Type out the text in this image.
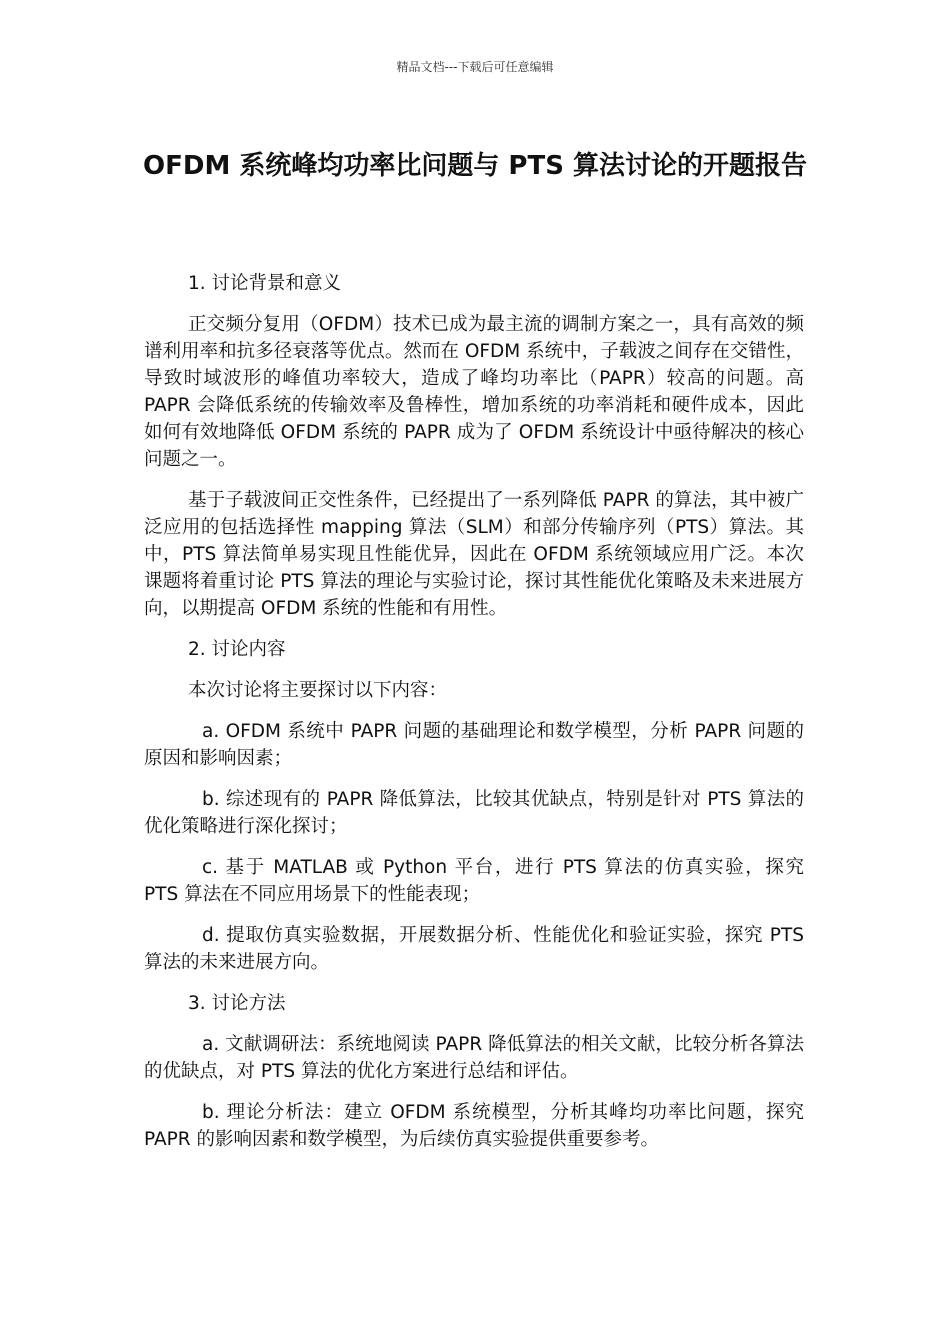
精品文档---下载后可任意编辑
OFDM 系统峰均功率比问题与 PTS 算法讨论的开题报告

1. 讨论背景和意义

正交频分复用（OFDM）技术已成为最主流的调制方案之一，具有高效的频谱利用率和抗多径衰落等优点。然而在 OFDM 系统中，子载波之间存在交错性，导致时域波形的峰值功率较大，造成了峰均功率比（PAPR）较高的问题。高 PAPR 会降低系统的传输效率及鲁棒性，增加系统的功率消耗和硬件成本，因此如何有效地降低 OFDM 系统的 PAPR 成为了 OFDM 系统设计中亟待解决的核心问题之一。

基于子载波间正交性条件，已经提出了一系列降低 PAPR 的算法，其中被广泛应用的包括选择性 mapping 算法（SLM）和部分传输序列（PTS）算法。其中，PTS 算法简单易实现且性能优异，因此在 OFDM 系统领域应用广泛。本次课题将着重讨论 PTS 算法的理论与实验讨论，探讨其性能优化策略及未来进展方向，以期提高 OFDM 系统的性能和有用性。

2. 讨论内容

本次讨论将主要探讨以下内容：

a. OFDM 系统中 PAPR 问题的基础理论和数学模型，分析 PAPR 问题的原因和影响因素；

b. 综述现有的 PAPR 降低算法，比较其优缺点，特别是针对 PTS 算法的优化策略进行深化探讨；

c. 基于 MATLAB 或 Python 平台，进行 PTS 算法的仿真实验，探究 PTS 算法在不同应用场景下的性能表现；

d. 提取仿真实验数据，开展数据分析、性能优化和验证实验，探究 PTS 算法的未来进展方向。

3. 讨论方法

a. 文献调研法：系统地阅读 PAPR 降低算法的相关文献，比较分析各算法的优缺点，对 PTS 算法的优化方案进行总结和评估。

b. 理论分析法：建立 OFDM 系统模型，分析其峰均功率比问题，探究 PAPR 的影响因素和数学模型，为后续仿真实验提供重要参考。
